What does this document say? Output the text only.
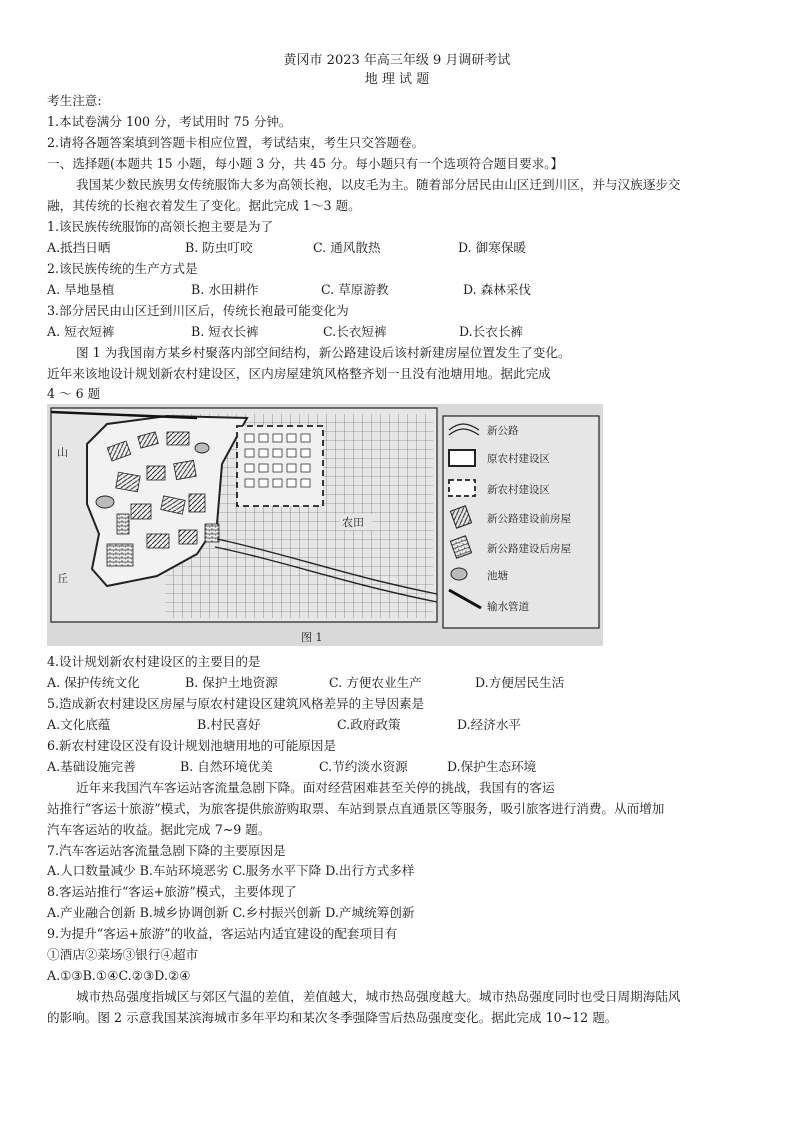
黄冈市 2023 年高三年级 9 月调研考试
地 理 试 题
考生注意:
1.本试卷满分 100 分，考试用时 75 分钟。
2.请将各题答案填到答题卡相应位置，考试结束，考生只交答题卷。
一、选择题(本题共 15 小题，每小题 3 分，共 45 分。每小题只有一个选项符合题目要求。】
我国某少数民族男女传统服饰大多为高领长袍，以皮毛为主。随着部分居民由山区迁到川区，并与汉族逐步交
融，其传统的长袍衣着发生了变化。据此完成 1～3 题。
1.该民族传统服饰的高领长抱主要是为了
A.抵挡日晒	B. 防虫叮咬	C. 通风散热	D. 御寒保暖
2.该民族传统的生产方式是
A. 旱地垦植	B. 水田耕作	C. 草原游教	D. 森林采伐
3.部分居民由山区迁到川区后，传统长袍最可能变化为
A. 短衣短裤	B. 短衣长裤	C.长衣短裤	D.长衣长裤
图 1 为我国南方某乡村聚落内部空间结构，新公路建设后该村新建房屋位置发生了变化。
近年来该地设计规划新农村建设区，区内房屋建筑风格整齐划一且没有池塘用地。据此完成
4 ～ 6 题
山
丘
农田
图 1
新公路
原农村建设区
新农村建设区
新公路建设前房屋
新公路建设后房屋
池塘
输水管道
4.设计规划新农村建设区的主要目的是
A. 保护传统文化	B. 保护土地资源	C. 方便农业生产	D.方便居民生活
5.造成新农村建设区房屋与原农村建设区建筑风格差异的主导因素是
A.文化底蕴	B.村民喜好	C.政府政策	D.经济水平
6.新农村建设区没有设计规划池塘用地的可能原因是
A.基础设施完善	B. 自然环境优美	C.节约淡水资源	D.保护生态环境
近年来我国汽车客运站客流量急剧下降。面对经营困难甚至关停的挑战，我国有的客运
站推行“客运十旅游”模式，为旅客提供旅游购取票、车站到景点直通景区等服务，吸引旅客进行消费。从而增加
汽车客运站的收益。据此完成 7~9 题。
7.汽车客运站客流量急剧下降的主要原因是
A.人口数量减少 B.车站环境恶劣 C.服务水平下降 D.出行方式多样
8.客运站推行“客运+旅游”模式，主要体现了
A.产业融合创新 B.城乡协调创新 C.乡村振兴创新 D.产城统筹创新
9.为提升“客运+旅游”的收益，客运站内适宜建设的配套项目有
①酒店②菜场③银行④超市
A.①③B.①④C.②③D.②④
城市热岛强度指城区与郊区气温的差值，差值越大，城市热岛强度越大。城市热岛强度同时也受日周期海陆风
的影响。图 2 示意我国某滨海城市多年平均和某次冬季强降雪后热岛强度变化。据此完成 10~12 题。
